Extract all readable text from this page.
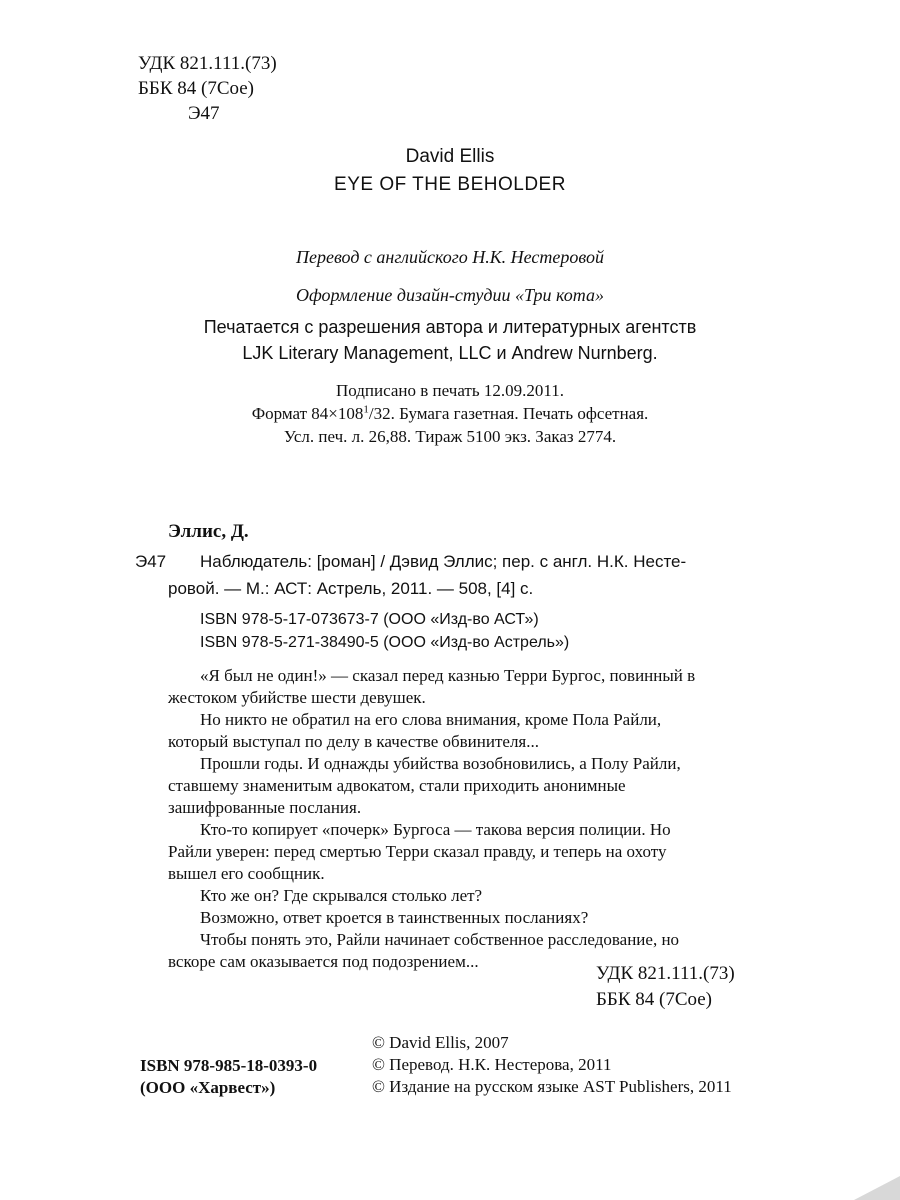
УДК 821.111.(73)
ББК 84 (7Сое)
Э47
David Ellis
EYE OF THE BEHOLDER
Перевод с английского Н.К. Нестеровой
Оформление дизайн-студии «Три кота»
Печатается с разрешения автора и литературных агентств
LJK Literary Management, LLC и Andrew Nurnberg.
Подписано в печать 12.09.2011.
Формат $84\times 108^1/32$. Бумага газетная. Печать офсетная.
Усл. печ. л. 26,88. Тираж 5100 экз. Заказ 2774.
Эллис, Д.
Э47 Наблюдатель: [роман] / Дэвид Эллис; пер. с англ. Н.К. Несте-
ровой. — М.: АСТ: Астрель, 2011. — 508, [4] с.
ISBN 978-5-17-073673-7 (ООО «Изд-во АСТ»)
ISBN 978-5-271-38490-5 (ООО «Изд-во Астрель»)
«Я был не один!» — сказал перед казнью Терри Бургос, повинный в
жестоком убийстве шести девушек.
Но никто не обратил на его слова внимания, кроме Пола Райли,
который выступал по делу в качестве обвинителя...
Прошли годы. И однажды убийства возобновились, а Полу Райли,
ставшему знаменитым адвокатом, стали приходить анонимные
зашифрованные послания.
Кто-то копирует «почерк» Бургоса — такова версия полиции. Но
Райли уверен: перед смертью Терри сказал правду, и теперь на охоту
вышел его сообщник.
Кто же он? Где скрывался столько лет?
Возможно, ответ кроется в таинственных посланиях?
Чтобы понять это, Райли начинает собственное расследование, но
вскоре сам оказывается под подозрением...
УДК 821.111.(73)
ББК 84 (7Сое)
ISBN 978-985-18-0393-0
(ООО «Харвест»)
© David Ellis, 2007
© Перевод. Н.К. Нестерова, 2011
© Издание на русском языке AST Publishers, 2011
